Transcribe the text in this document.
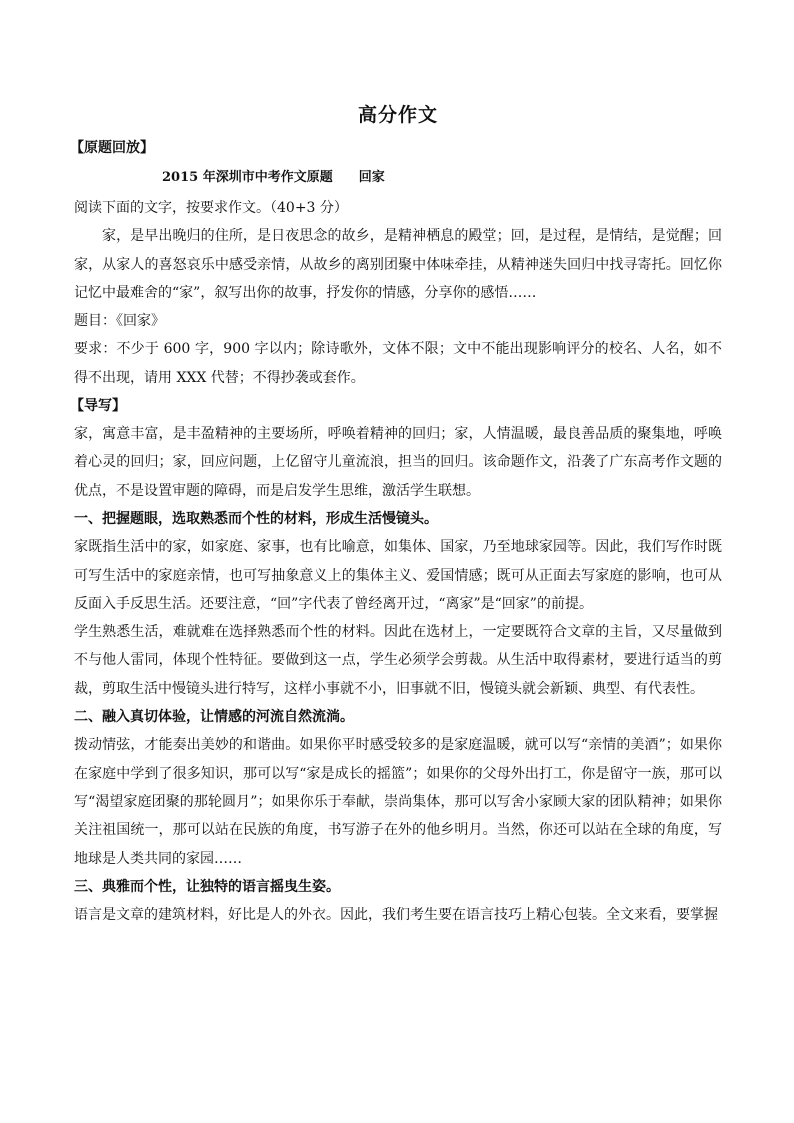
高分作文
【原题回放】
2015 年深圳市中考作文原题 回家

阅读下面的文字，按要求作文。（40+3 分）

家，是早出晚归的住所，是日夜思念的故乡，是精神栖息的殿堂；回，是过程，是情结，是觉醒；回家，从家人的喜怒哀乐中感受亲情，从故乡的离别团聚中体味牵挂，从精神迷失回归中找寻寄托。回忆你记忆中最难舍的“家”，叙写出你的故事，抒发你的情感，分享你的感悟……

题目：《回家》

要求：不少于 600 字，900 字以内；除诗歌外，文体不限；文中不能出现影响评分的校名、人名，如不得不出现，请用 XXX 代替；不得抄袭或套作。

【导写】

家，寓意丰富，是丰盈精神的主要场所，呼唤着精神的回归；家，人情温暖，最良善品质的聚集地，呼唤着心灵的回归；家，回应问题，上亿留守儿童流浪，担当的回归。该命题作文，沿袭了广东高考作文题的优点，不是设置审题的障碍，而是启发学生思维，激活学生联想。

一、把握题眼，选取熟悉而个性的材料，形成生活慢镜头。

家既指生活中的家，如家庭、家事，也有比喻意，如集体、国家，乃至地球家园等。因此，我们写作时既可写生活中的家庭亲情，也可写抽象意义上的集体主义、爱国情感；既可从正面去写家庭的影响，也可从反面入手反思生活。还要注意，“回”字代表了曾经离开过，“离家”是“回家”的前提。

学生熟悉生活，难就难在选择熟悉而个性的材料。因此在选材上，一定要既符合文章的主旨，又尽量做到不与他人雷同，体现个性特征。要做到这一点，学生必须学会剪裁。从生活中取得素材，要进行适当的剪裁，剪取生活中慢镜头进行特写，这样小事就不小，旧事就不旧，慢镜头就会新颖、典型、有代表性。

二、融入真切体验，让情感的河流自然流淌。

拨动情弦，才能奏出美妙的和谐曲。如果你平时感受较多的是家庭温暖，就可以写“亲情的美酒”；如果你在家庭中学到了很多知识，那可以写“家是成长的摇篮”；如果你的父母外出打工，你是留守一族，那可以写“渴望家庭团聚的那轮圆月”；如果你乐于奉献，崇尚集体，那可以写舍小家顾大家的团队精神；如果你关注祖国统一，那可以站在民族的角度，书写游子在外的他乡明月。当然，你还可以站在全球的角度，写地球是人类共同的家园……

三、典雅而个性，让独特的语言摇曳生姿。

语言是文章的建筑材料，好比是人的外衣。因此，我们考生要在语言技巧上精心包装。全文来看，要掌握
